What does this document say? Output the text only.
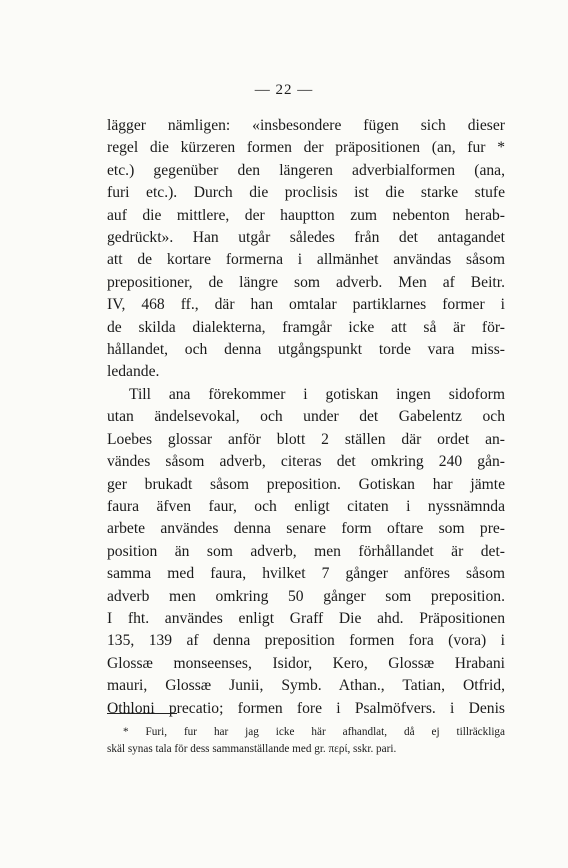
— 22 —
lägger nämligen: «insbesondere fügen sich dieser
regel die kürzeren formen der präpositionen (an, fur *
etc.) gegenüber den längeren adverbialformen (ana,
furi etc.). Durch die proclisis ist die starke stufe
auf die mittlere, der hauptton zum nebenton herab-
gedrückt». Han utgår således från det antagandet
att de kortare formerna i allmänhet användas såsom
prepositioner, de längre som adverb. Men af Beitr.
IV, 468 ff., där han omtalar partiklarnes former i
de skilda dialekterna, framgår icke att så är för-
hållandet, och denna utgångspunkt torde vara miss-
ledande.
Till ana förekommer i gotiskan ingen sidoform
utan ändelsevokal, och under det Gabelentz och
Loebes glossar anför blott 2 ställen där ordet an-
vändes såsom adverb, citeras det omkring 240 gån-
ger brukadt såsom preposition. Gotiskan har jämte
faura äfven faur, och enligt citaten i nyssnämnda
arbete användes denna senare form oftare som pre-
position än som adverb, men förhållandet är det-
samma med faura, hvilket 7 gånger anföres såsom
adverb men omkring 50 gånger som preposition.
I fht. användes enligt Graff Die ahd. Präpositionen
135, 139 af denna preposition formen fora (vora) i
Glossæ monseenses, Isidor, Kero, Glossæ Hrabani
mauri, Glossæ Junii, Symb. Athan., Tatian, Otfrid,
Othloni precatio; formen fore i Psalmöfvers. i Denis
* Furi, fur har jag icke här afhandlat, då ej tillräckliga
skäl synas tala för dess sammanställande med gr. περί, sskr. pari.
